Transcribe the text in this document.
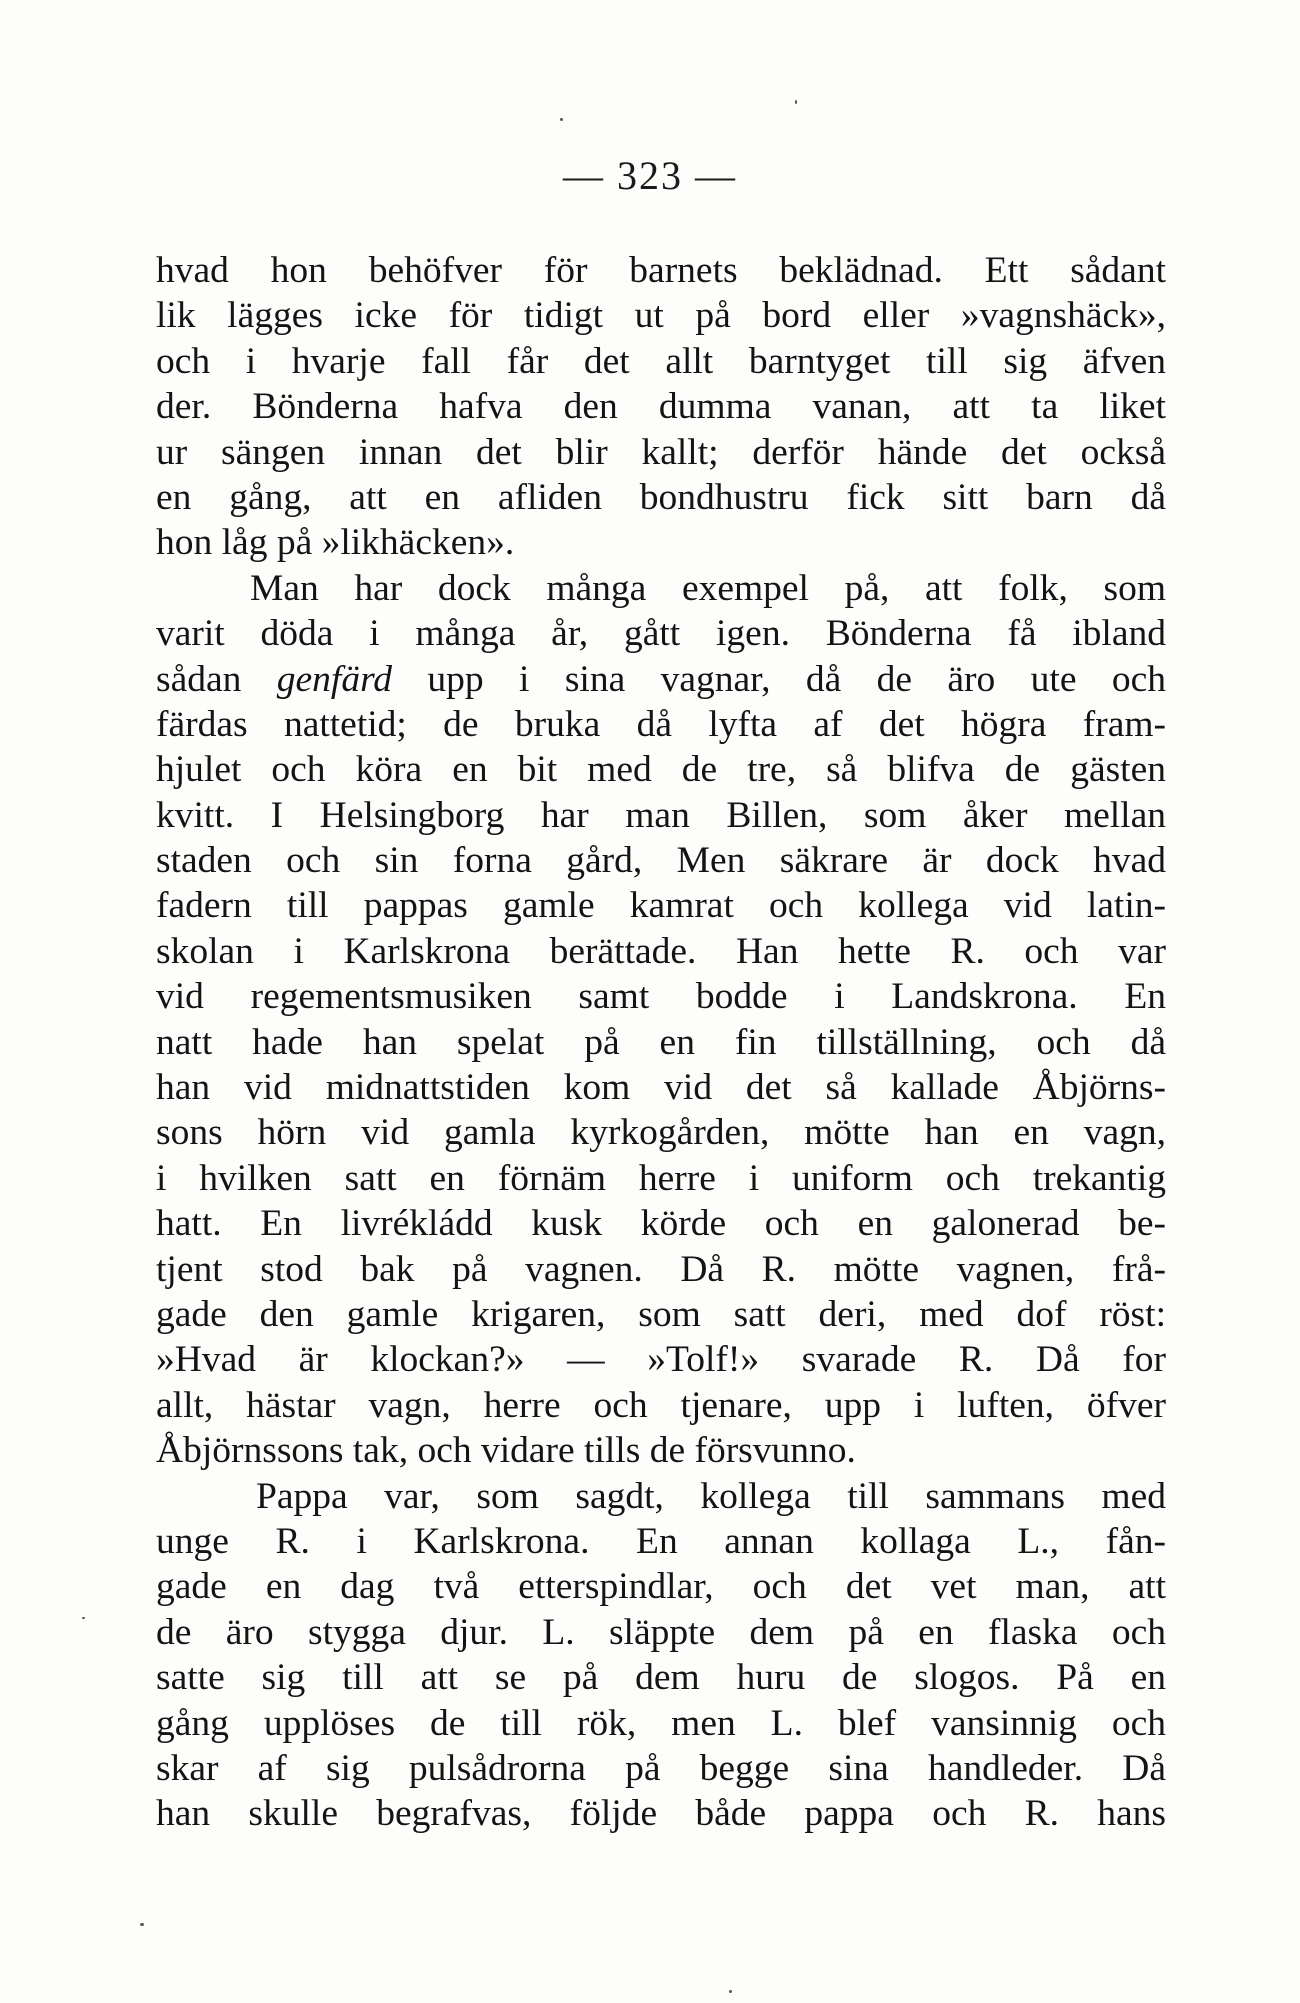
— 323 —
hvad hon behöfver för barnets beklädnad. Ett sådant
lik lägges icke för tidigt ut på bord eller »vagnshäck»,
och i hvarje fall får det allt barntyget till sig äfven
der. Bönderna hafva den dumma vanan, att ta liket
ur sängen innan det blir kallt; derför hände det också
en gång, att en afliden bondhustru fick sitt barn då
hon låg på »likhäcken».
Man har dock många exempel på, att folk, som
varit döda i många år, gått igen. Bönderna få ibland
sådan genfärd upp i sina vagnar, då de äro ute och
färdas nattetid; de bruka då lyfta af det högra fram-
hjulet och köra en bit med de tre, så blifva de gästen
kvitt. I Helsingborg har man Billen, som åker mellan
staden och sin forna gård, Men säkrare är dock hvad
fadern till pappas gamle kamrat och kollega vid latin-
skolan i Karlskrona berättade. Han hette R. och var
vid regementsmusiken samt bodde i Landskrona. En
natt hade han spelat på en fin tillställning, och då
han vid midnattstiden kom vid det så kallade Åbjörns-
sons hörn vid gamla kyrkogården, mötte han en vagn,
i hvilken satt en förnäm herre i uniform och trekantig
hatt. En livrékládd kusk körde och en galonerad be-
tjent stod bak på vagnen. Då R. mötte vagnen, frå-
gade den gamle krigaren, som satt deri, med dof röst:
»Hvad är klockan?» — »Tolf!» svarade R. Då for
allt, hästar vagn, herre och tjenare, upp i luften, öfver
Åbjörnssons tak, och vidare tills de försvunno.
Pappa var, som sagdt, kollega till sammans med
unge R. i Karlskrona. En annan kollaga L., fån-
gade en dag två etterspindlar, och det vet man, att
de äro stygga djur. L. släppte dem på en flaska och
satte sig till att se på dem huru de slogos. På en
gång upplöses de till rök, men L. blef vansinnig och
skar af sig pulsådrorna på begge sina handleder. Då
han skulle begrafvas, följde både pappa och R. hans
